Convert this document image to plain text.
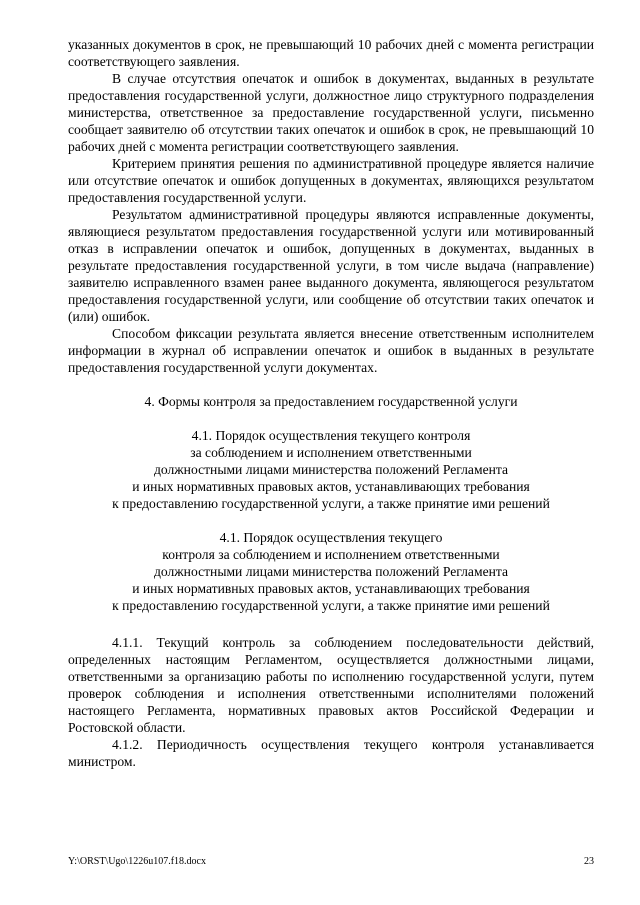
указанных документов в срок, не превышающий 10 рабочих дней с момента регистрации соответствующего заявления.

В случае отсутствия опечаток и ошибок в документах, выданных в результате предоставления государственной услуги, должностное лицо структурного подразделения министерства, ответственное за предоставление государственной услуги, письменно сообщает заявителю об отсутствии таких опечаток и ошибок в срок, не превышающий 10 рабочих дней с момента регистрации соответствующего заявления.

Критерием принятия решения по административной процедуре является наличие или отсутствие опечаток и ошибок допущенных в документах, являющихся результатом предоставления государственной услуги.

Результатом административной процедуры являются исправленные документы, являющиеся результатом предоставления государственной услуги или мотивированный отказ в исправлении опечаток и ошибок, допущенных в документах, выданных в результате предоставления государственной услуги, в том числе выдача (направление) заявителю исправленного взамен ранее выданного документа, являющегося результатом предоставления государственной услуги, или сообщение об отсутствии таких опечаток и (или) ошибок.

Способом фиксации результата является внесение ответственным исполнителем информации в журнал об исправлении опечаток и ошибок в выданных в результате предоставления государственной услуги документах.

4. Формы контроля за предоставлением государственной услуги

4.1. Порядок осуществления текущего контроля

за соблюдением и исполнением ответственными

должностными лицами министерства положений Регламента

и иных нормативных правовых актов, устанавливающих требования

к предоставлению государственной услуги, а также принятие ими решений

4.1. Порядок осуществления текущего

контроля за соблюдением и исполнением ответственными

должностными лицами министерства положений Регламента

и иных нормативных правовых актов, устанавливающих требования

к предоставлению государственной услуги, а также принятие ими решений

4.1.1. Текущий контроль за соблюдением последовательности действий, определенных настоящим Регламентом, осуществляется должностными лицами, ответственными за организацию работы по исполнению государственной услуги, путем проверок соблюдения и исполнения ответственными исполнителями положений настоящего Регламента, нормативных правовых актов Российской Федерации и Ростовской области.

4.1.2. Периодичность осуществления текущего контроля устанавливается министром.

Y:\ORST\Ugo\1226u107.f18.docx	23
